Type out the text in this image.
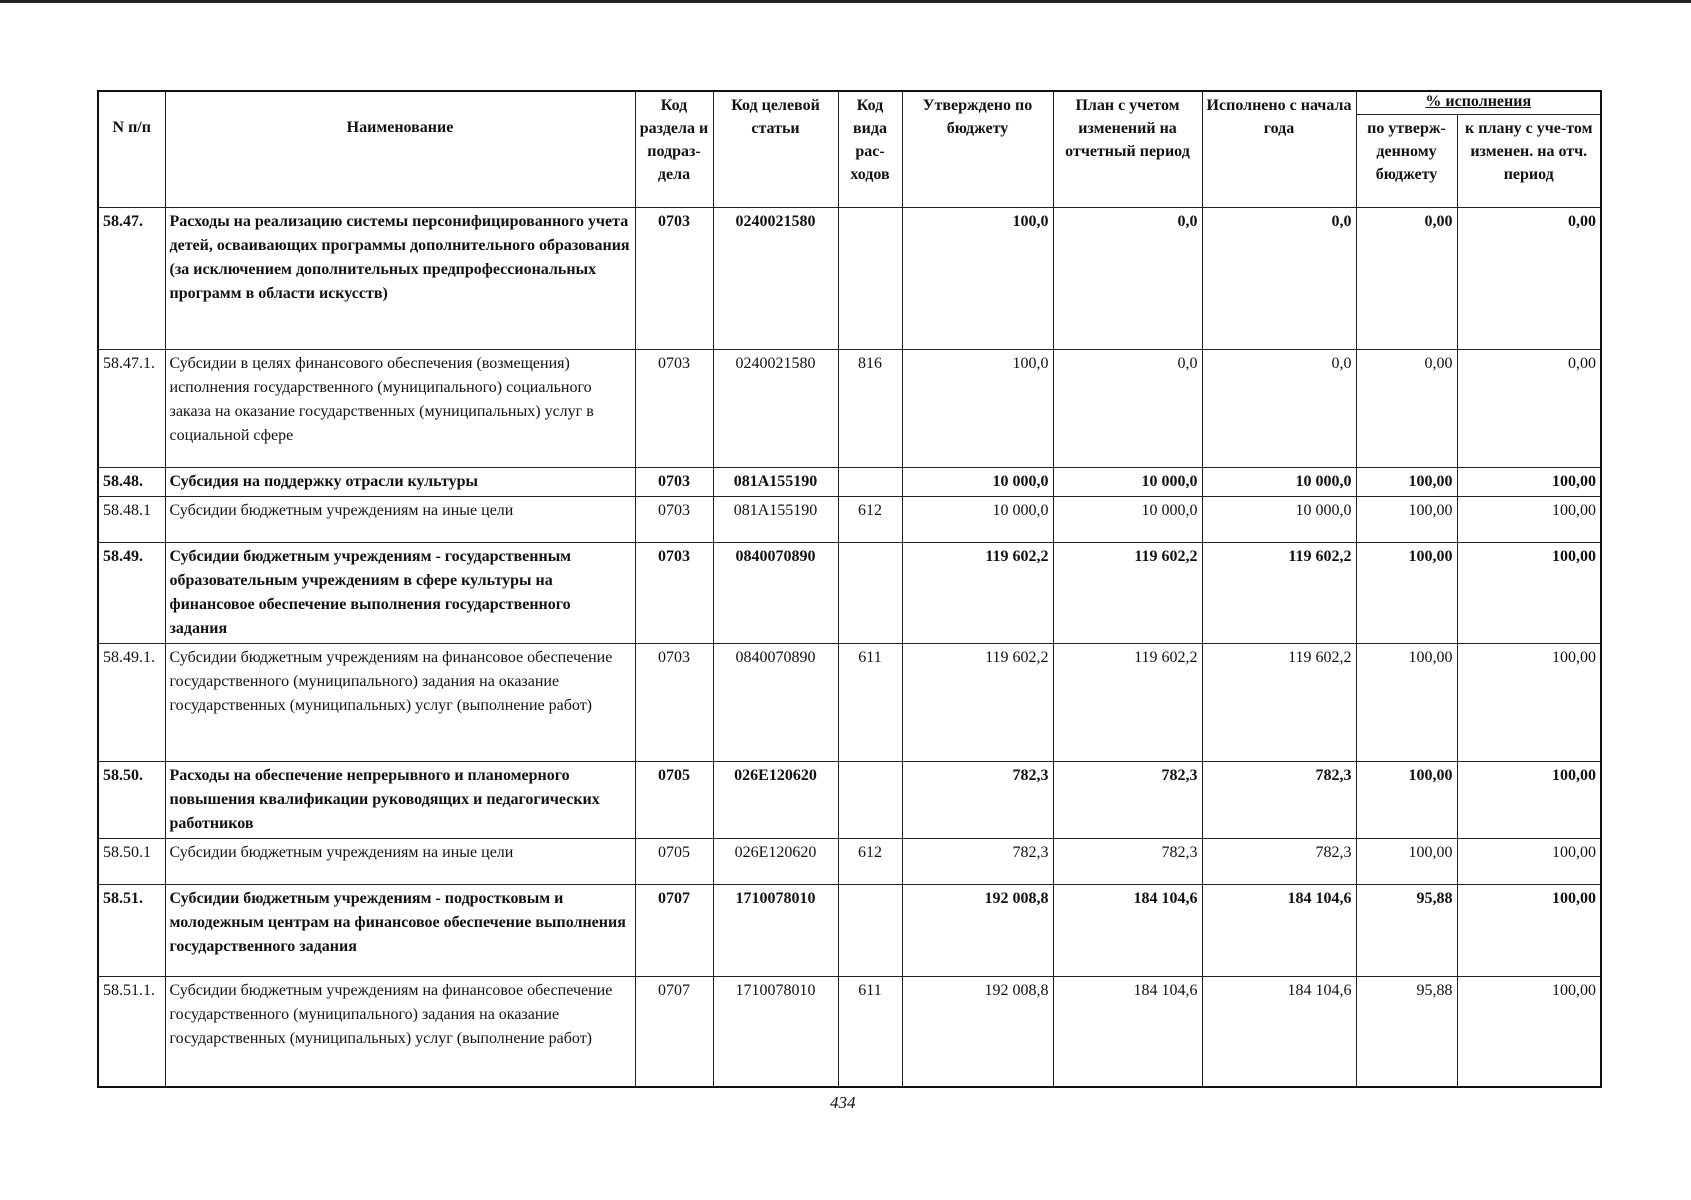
N п/п	Наименование	Код раздела и подраз-дела	Код целевой статьи	Код вида рас-ходов	Утверждено по бюджету	План с учетом изменений на отчетный период	Исполнено с начала года	% исполнения	
								по утверж-денному бюджету	к плану с уче-том изменен. на отч. период
58.47.	Расходы на реализацию системы персонифицированного учета детей, осваивающих программы дополнительного образования (за исключением дополнительных предпрофессиональных программ в области искусств)	0703	0240021580		100,0	0,0	0,0	0,00	0,00
58.47.1.	Субсидии в целях финансового обеспечения (возмещения) исполнения государственного (муниципального) социального заказа на оказание государственных (муниципальных) услуг в социальной сфере	0703	0240021580	816	100,0	0,0	0,0	0,00	0,00
58.48.	Субсидия на поддержку отрасли культуры	0703	081A155190		10 000,0	10 000,0	10 000,0	100,00	100,00
58.48.1	Субсидии бюджетным учреждениям на иные цели	0703	081A155190	612	10 000,0	10 000,0	10 000,0	100,00	100,00
58.49.	Субсидии бюджетным учреждениям - государственным образовательным учреждениям в сфере культуры на финансовое обеспечение выполнения государственного задания	0703	0840070890		119 602,2	119 602,2	119 602,2	100,00	100,00
58.49.1.	Субсидии бюджетным учреждениям на финансовое обеспечение государственного (муниципального) задания на оказание государственных (муниципальных) услуг (выполнение работ)	0703	0840070890	611	119 602,2	119 602,2	119 602,2	100,00	100,00
58.50.	Расходы на обеспечение непрерывного и планомерного повышения квалификации руководящих и педагогических работников	0705	026E120620		782,3	782,3	782,3	100,00	100,00
58.50.1	Субсидии бюджетным учреждениям на иные цели	0705	026E120620	612	782,3	782,3	782,3	100,00	100,00
58.51.	Субсидии бюджетным учреждениям - подростковым и молодежным центрам на финансовое обеспечение выполнения государственного задания	0707	1710078010		192 008,8	184 104,6	184 104,6	95,88	100,00
58.51.1.	Субсидии бюджетным учреждениям на финансовое обеспечение государственного (муниципального) задания на оказание государственных (муниципальных) услуг (выполнение работ)	0707	1710078010	611	192 008,8	184 104,6	184 104,6	95,88	100,00
434
